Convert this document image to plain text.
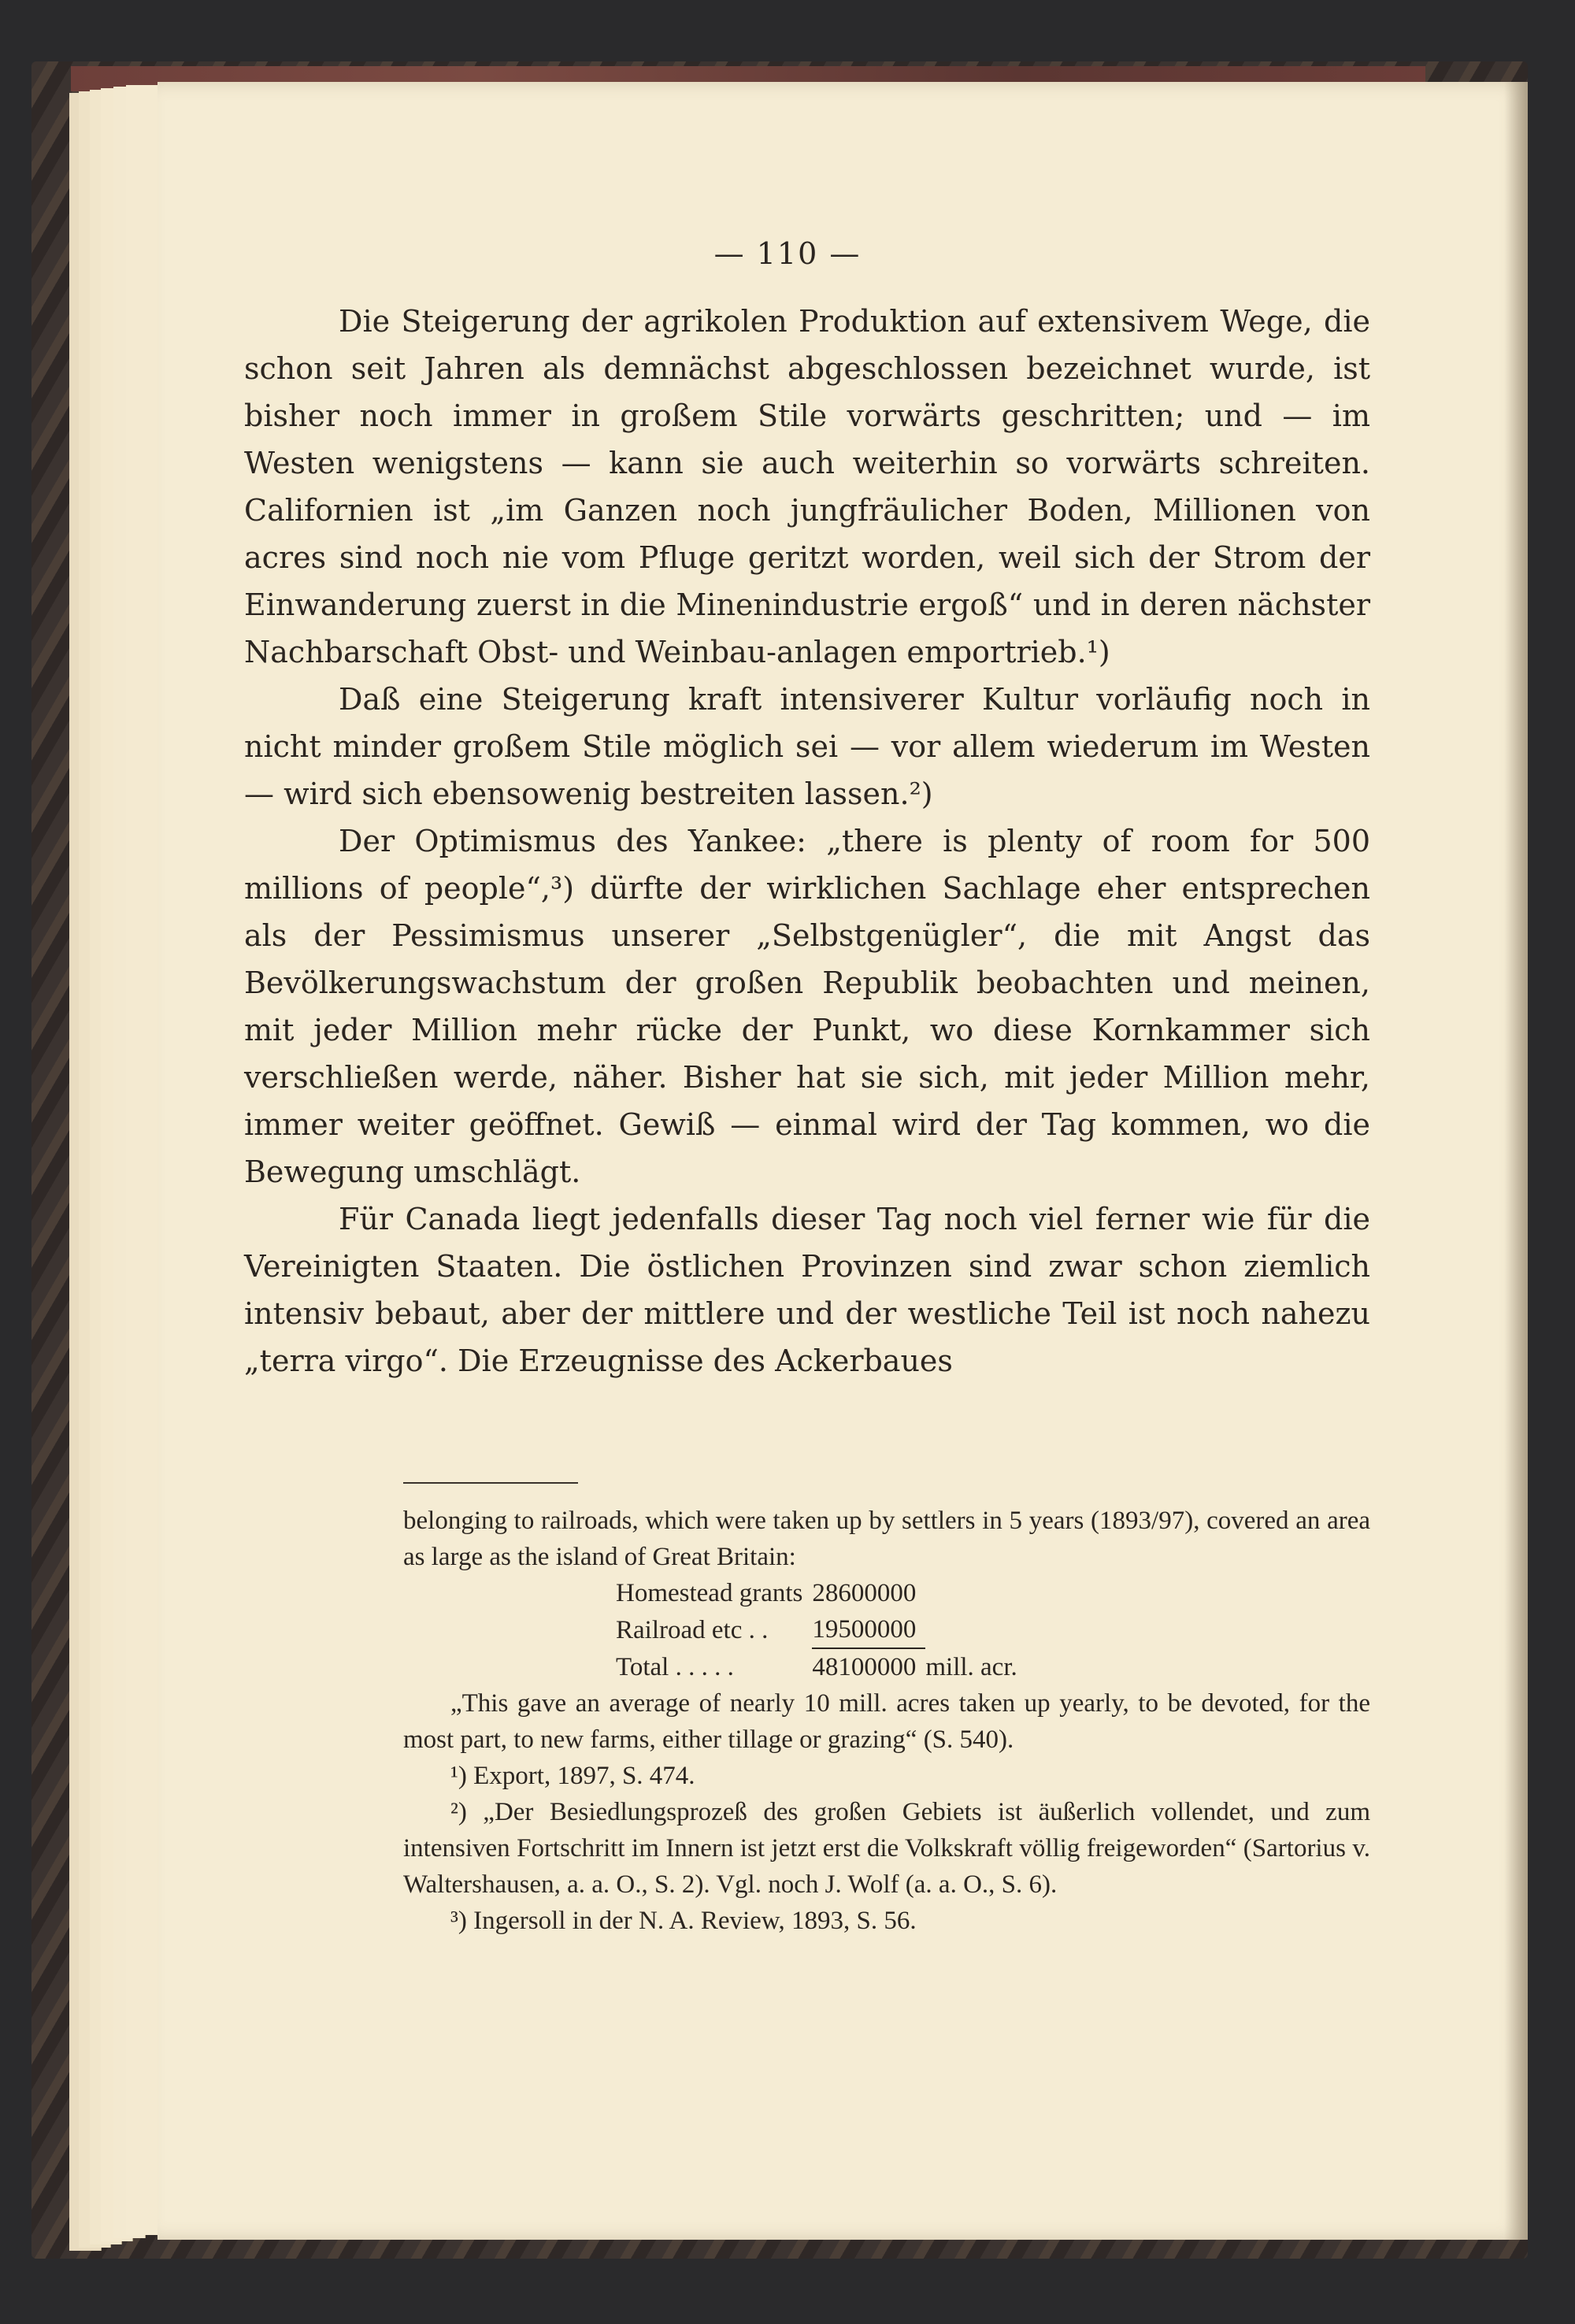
— 110 —

Die Steigerung der agrikolen Produktion auf extensivem Wege, die schon seit Jahren als demnächst abgeschlossen bezeichnet wurde, ist bisher noch immer in großem Stile vorwärts geschritten; und — im Westen wenigstens — kann sie auch weiterhin so vorwärts schreiten. Californien ist „im Ganzen noch jungfräulicher Boden, Millionen von acres sind noch nie vom Pfluge geritzt worden, weil sich der Strom der Einwanderung zuerst in die Minenindustrie ergoß“ und in deren nächster Nachbarschaft Obst- und Weinbau-anlagen emportrieb.¹)

Daß eine Steigerung kraft intensiverer Kultur vorläufig noch in nicht minder großem Stile möglich sei — vor allem wiederum im Westen — wird sich ebensowenig bestreiten lassen.²)

Der Optimismus des Yankee: „there is plenty of room for 500 millions of people“,³) dürfte der wirklichen Sachlage eher entsprechen als der Pessimismus unserer „Selbstgenügler“, die mit Angst das Bevölkerungswachstum der großen Republik beobachten und meinen, mit jeder Million mehr rücke der Punkt, wo diese Kornkammer sich verschließen werde, näher. Bisher hat sie sich, mit jeder Million mehr, immer weiter geöffnet. Gewiß — einmal wird der Tag kommen, wo die Bewegung umschlägt.

Für Canada liegt jedenfalls dieser Tag noch viel ferner wie für die Vereinigten Staaten. Die östlichen Provinzen sind zwar schon ziemlich intensiv bebaut, aber der mittlere und der westliche Teil ist noch nahezu „terra virgo“. Die Erzeugnisse des Ackerbaues

belonging to railroads, which were taken up by settlers in 5 years (1893/97), covered an area as large as the island of Great Britain:

Homestead grants	28600000	
Railroad etc . .	19500000	
Total . . . . .	48100000	mill. acr.

„This gave an average of nearly 10 mill. acres taken up yearly, to be devoted, for the most part, to new farms, either tillage or grazing“ (S. 540).

¹) Export, 1897, S. 474.

²) „Der Besiedlungsprozeß des großen Gebiets ist äußerlich vollendet, und zum intensiven Fortschritt im Innern ist jetzt erst die Volkskraft völlig freigeworden“ (Sartorius v. Waltershausen, a. a. O., S. 2). Vgl. noch J. Wolf (a. a. O., S. 6).

³) Ingersoll in der N. A. Review, 1893, S. 56.
